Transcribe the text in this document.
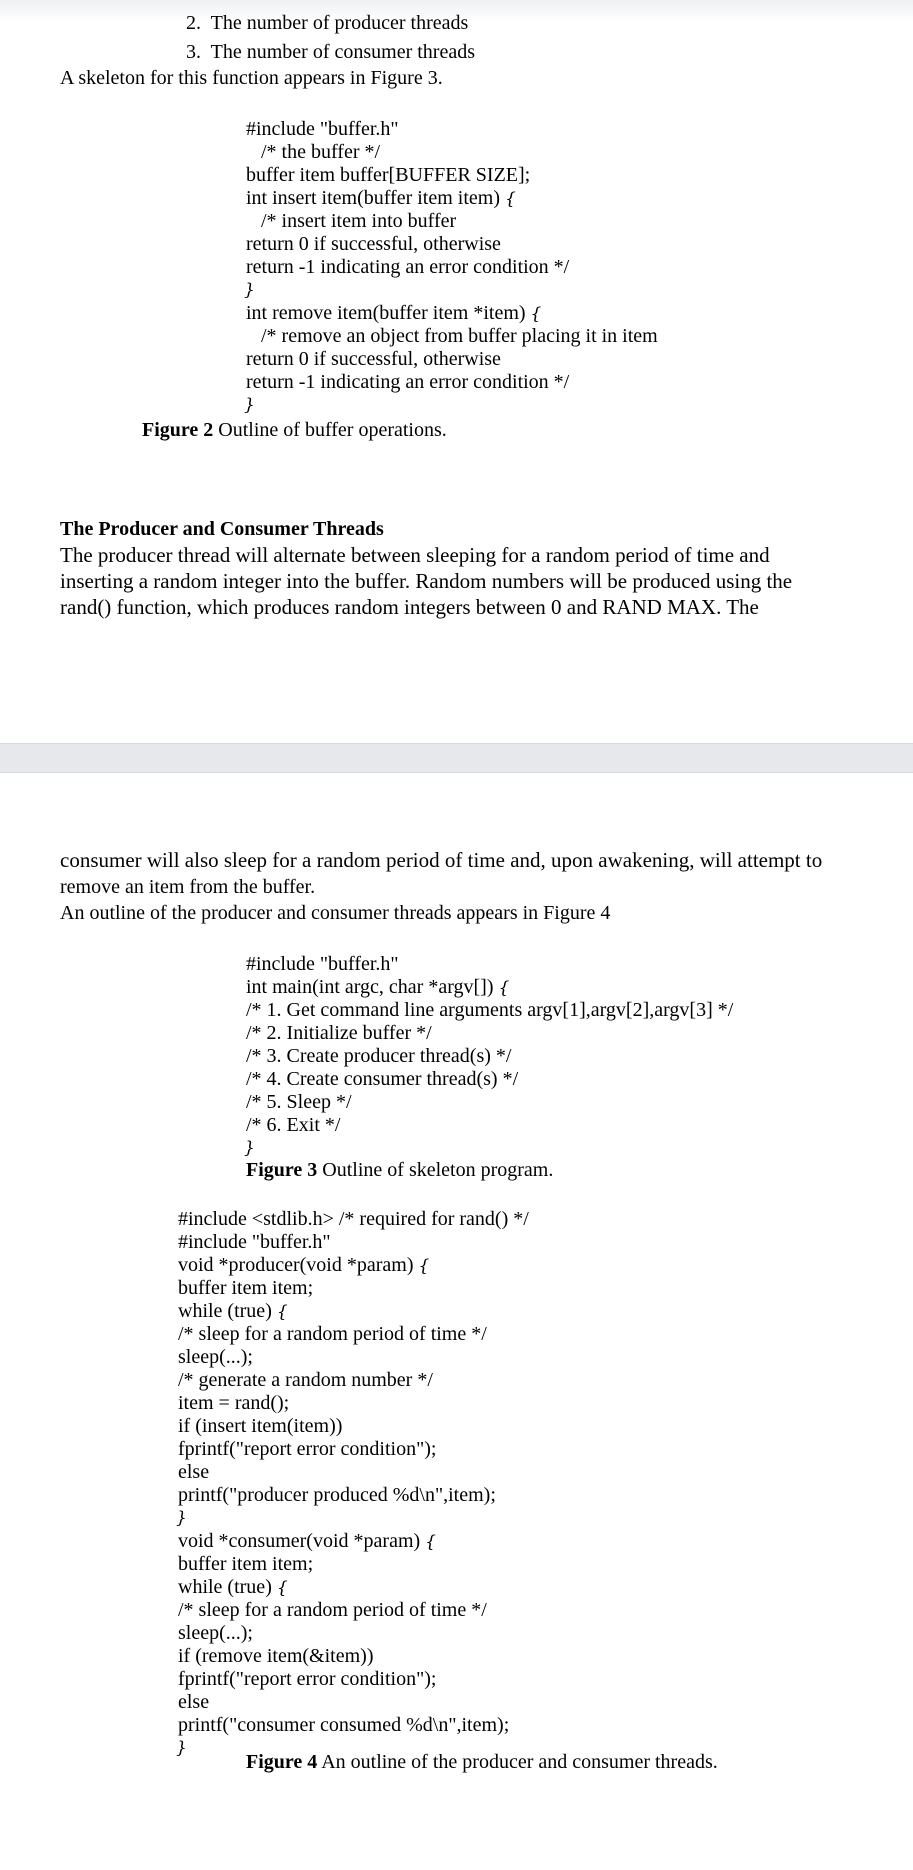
2.  The number of producer threads
3.  The number of consumer threads
A skeleton for this function appears in Figure 3.
#include "buffer.h"
/* the buffer */
buffer item buffer[BUFFER SIZE];
int insert item(buffer item item) {
/* insert item into buffer
return 0 if successful, otherwise
return -1 indicating an error condition */
}
int remove item(buffer item *item) {
/* remove an object from buffer placing it in item
return 0 if successful, otherwise
return -1 indicating an error condition */
}
Figure 2 Outline of buffer operations.
The Producer and Consumer Threads
The producer thread will alternate between sleeping for a random period of time and
inserting a random integer into the buffer. Random numbers will be produced using the
rand() function, which produces random integers between 0 and RAND MAX. The
consumer will also sleep for a random period of time and, upon awakening, will attempt to
remove an item from the buffer.
An outline of the producer and consumer threads appears in Figure 4
#include "buffer.h"
int main(int argc, char *argv[]) {
/* 1. Get command line arguments argv[1],argv[2],argv[3] */
/* 2. Initialize buffer */
/* 3. Create producer thread(s) */
/* 4. Create consumer thread(s) */
/* 5. Sleep */
/* 6. Exit */
}
Figure 3 Outline of skeleton program.
#include <stdlib.h> /* required for rand() */
#include "buffer.h"
void *producer(void *param) {
buffer item item;
while (true) {
/* sleep for a random period of time */
sleep(...);
/* generate a random number */
item = rand();
if (insert item(item))
fprintf("report error condition");
else
printf("producer produced %d\n",item);
}
void *consumer(void *param) {
buffer item item;
while (true) {
/* sleep for a random period of time */
sleep(...);
if (remove item(&item))
fprintf("report error condition");
else
printf("consumer consumed %d\n",item);
}
Figure 4 An outline of the producer and consumer threads.
